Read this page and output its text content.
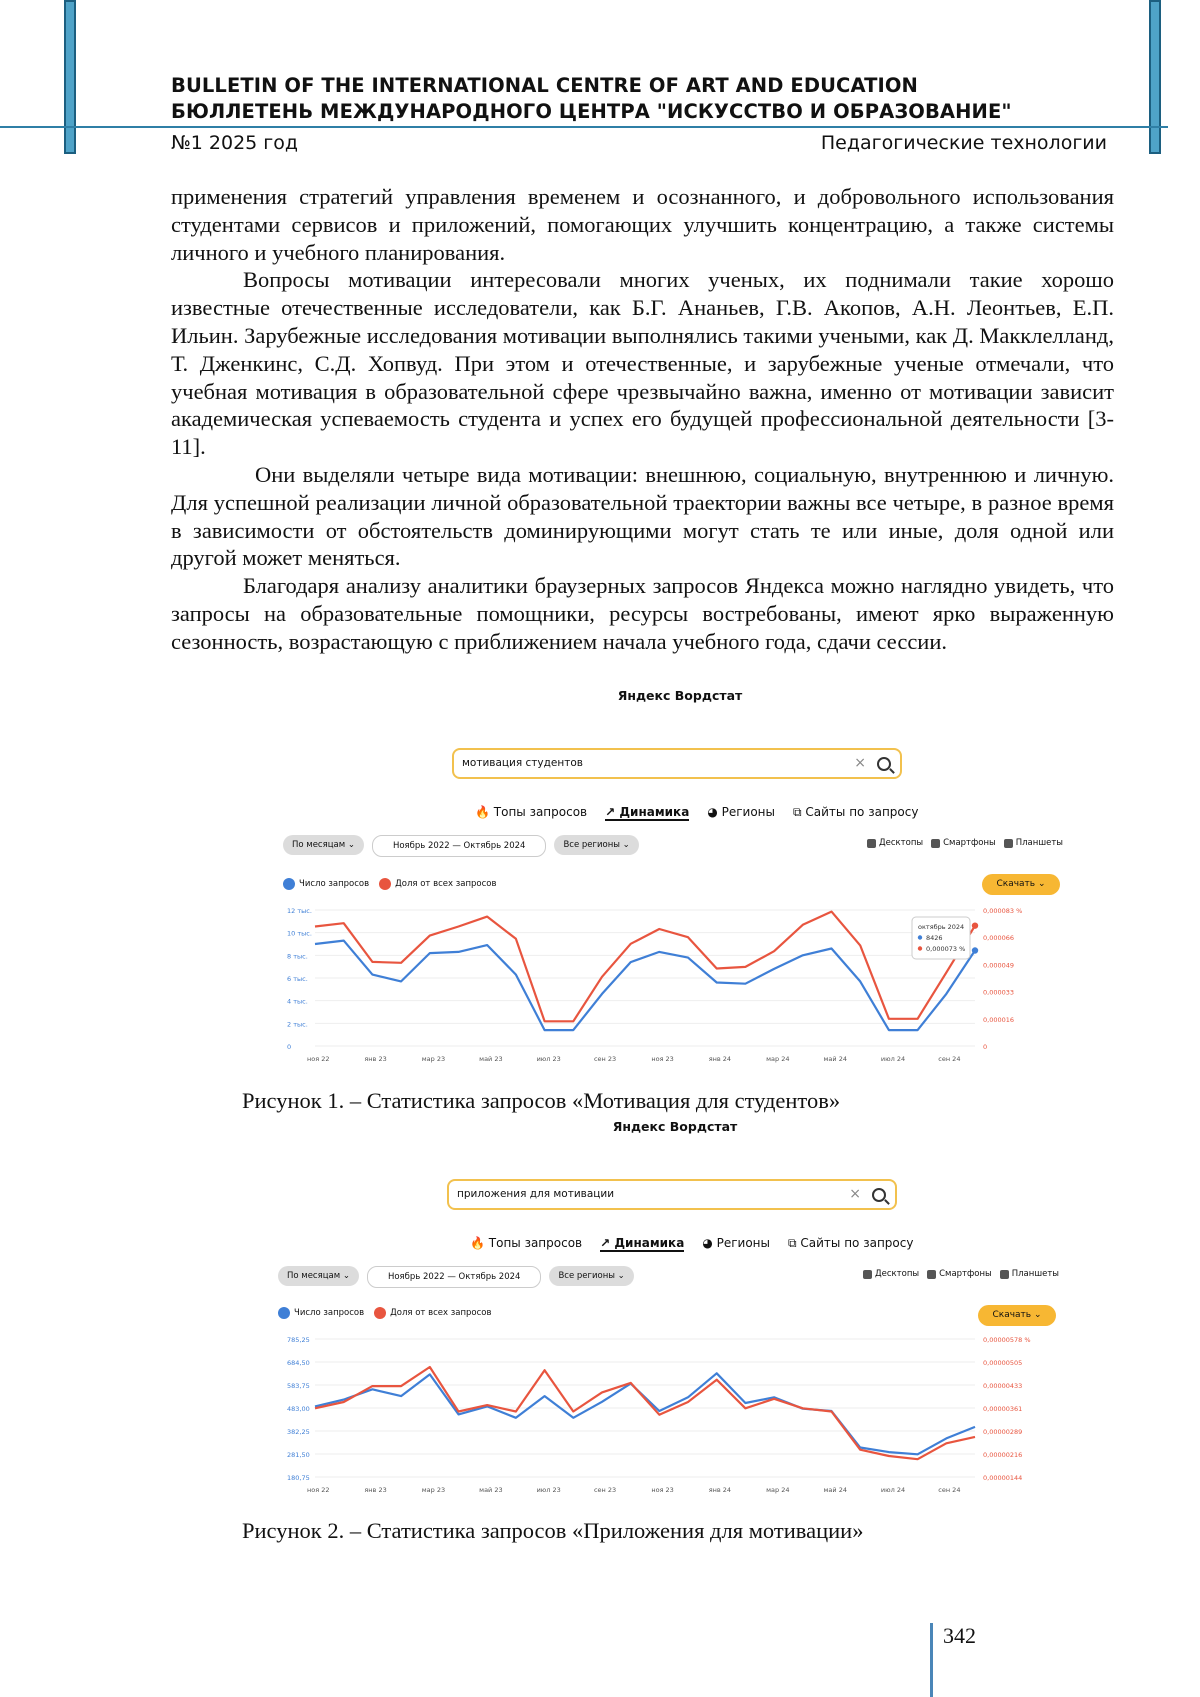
BULLETIN OF THE INTERNATIONAL CENTRE OF ART AND EDUCATION
БЮЛЛЕТЕНЬ МЕЖДУНАРОДНОГО ЦЕНТРА "ИСКУССТВО И ОБРАЗОВАНИЕ"
№1 2025 год	Педагогические технологии

применения стратегий управления временем и осознанного, и добровольного использования студентами сервисов и приложений, помогающих улучшить концентрацию, а также системы личного и учебного планирования.

Вопросы мотивации интересовали многих ученых, их поднимали такие хорошо известные отечественные исследователи, как Б.Г. Ананьев, Г.В. Акопов, А.Н. Леонтьев, Е.П. Ильин. Зарубежные исследования мотивации выполнялись такими учеными, как Д. Макклелланд, Т. Дженкинс, С.Д. Хопвуд. При этом и отечественные, и зарубежные ученые отмечали, что учебная мотивация в образовательной сфере чрезвычайно важна, именно от мотивации зависит академическая успеваемость студента и успех его будущей профессиональной деятельности [3-11].

Они выделяли четыре вида мотивации: внешнюю, социальную, внутреннюю и личную. Для успешной реализации личной образовательной траектории важны все четыре, в разное время в зависимости от обстоятельств доминирующими могут стать те или иные, доля одной или другой может меняться.

Благодаря анализу аналитики браузерных запросов Яндекса можно наглядно увидеть, что запросы на образовательные помощники, ресурсы востребованы, имеют ярко выраженную сезонность, возрастающую с приближением начала учебного года, сдачи сессии.

Яндекс Вордстат
мотивация студентов	×
🔥 Топы запросов ↗ Динамика ◕ Регионы ⧉ Сайты по запросу
По месяцам ⌄	Ноябрь 2022 — Октябрь 2024	Все регионы ⌄	Десктопы Смартфоны Планшеты
Число запросов	Доля от всех запросов	Скачать ⌄
0
2 тыс.
4 тыс.
6 тыс.
8 тыс.
10 тыс.
12 тыс.
0
0,000016
0,000033
0,000049
0,000066
0,000083 %
ноя 22	янв 23	мар 23	май 23	июл 23	сен 23	ноя 23	янв 24	мар 24	май 24	июл 24	сен 24
октябрь 2024
8426
0,000073 %
Рисунок 1. – Статистика запросов «Мотивация для студентов»
Яндекс Вордстат
приложения для мотивации	×
🔥 Топы запросов ↗ Динамика ◕ Регионы ⧉ Сайты по запросу
По месяцам ⌄	Ноябрь 2022 — Октябрь 2024	Все регионы ⌄	Десктопы Смартфоны Планшеты
Число запросов	Доля от всех запросов	Скачать ⌄
180,75
281,50
382,25
483,00
583,75
684,50
785,25
0,00000144
0,00000216
0,00000289
0,00000361
0,00000433
0,00000505
0,00000578 %
ноя 22	янв 23	мар 23	май 23	июл 23	сен 23	ноя 23	янв 24	мар 24	май 24	июл 24	сен 24
Рисунок 2. – Статистика запросов «Приложения для мотивации»
342
